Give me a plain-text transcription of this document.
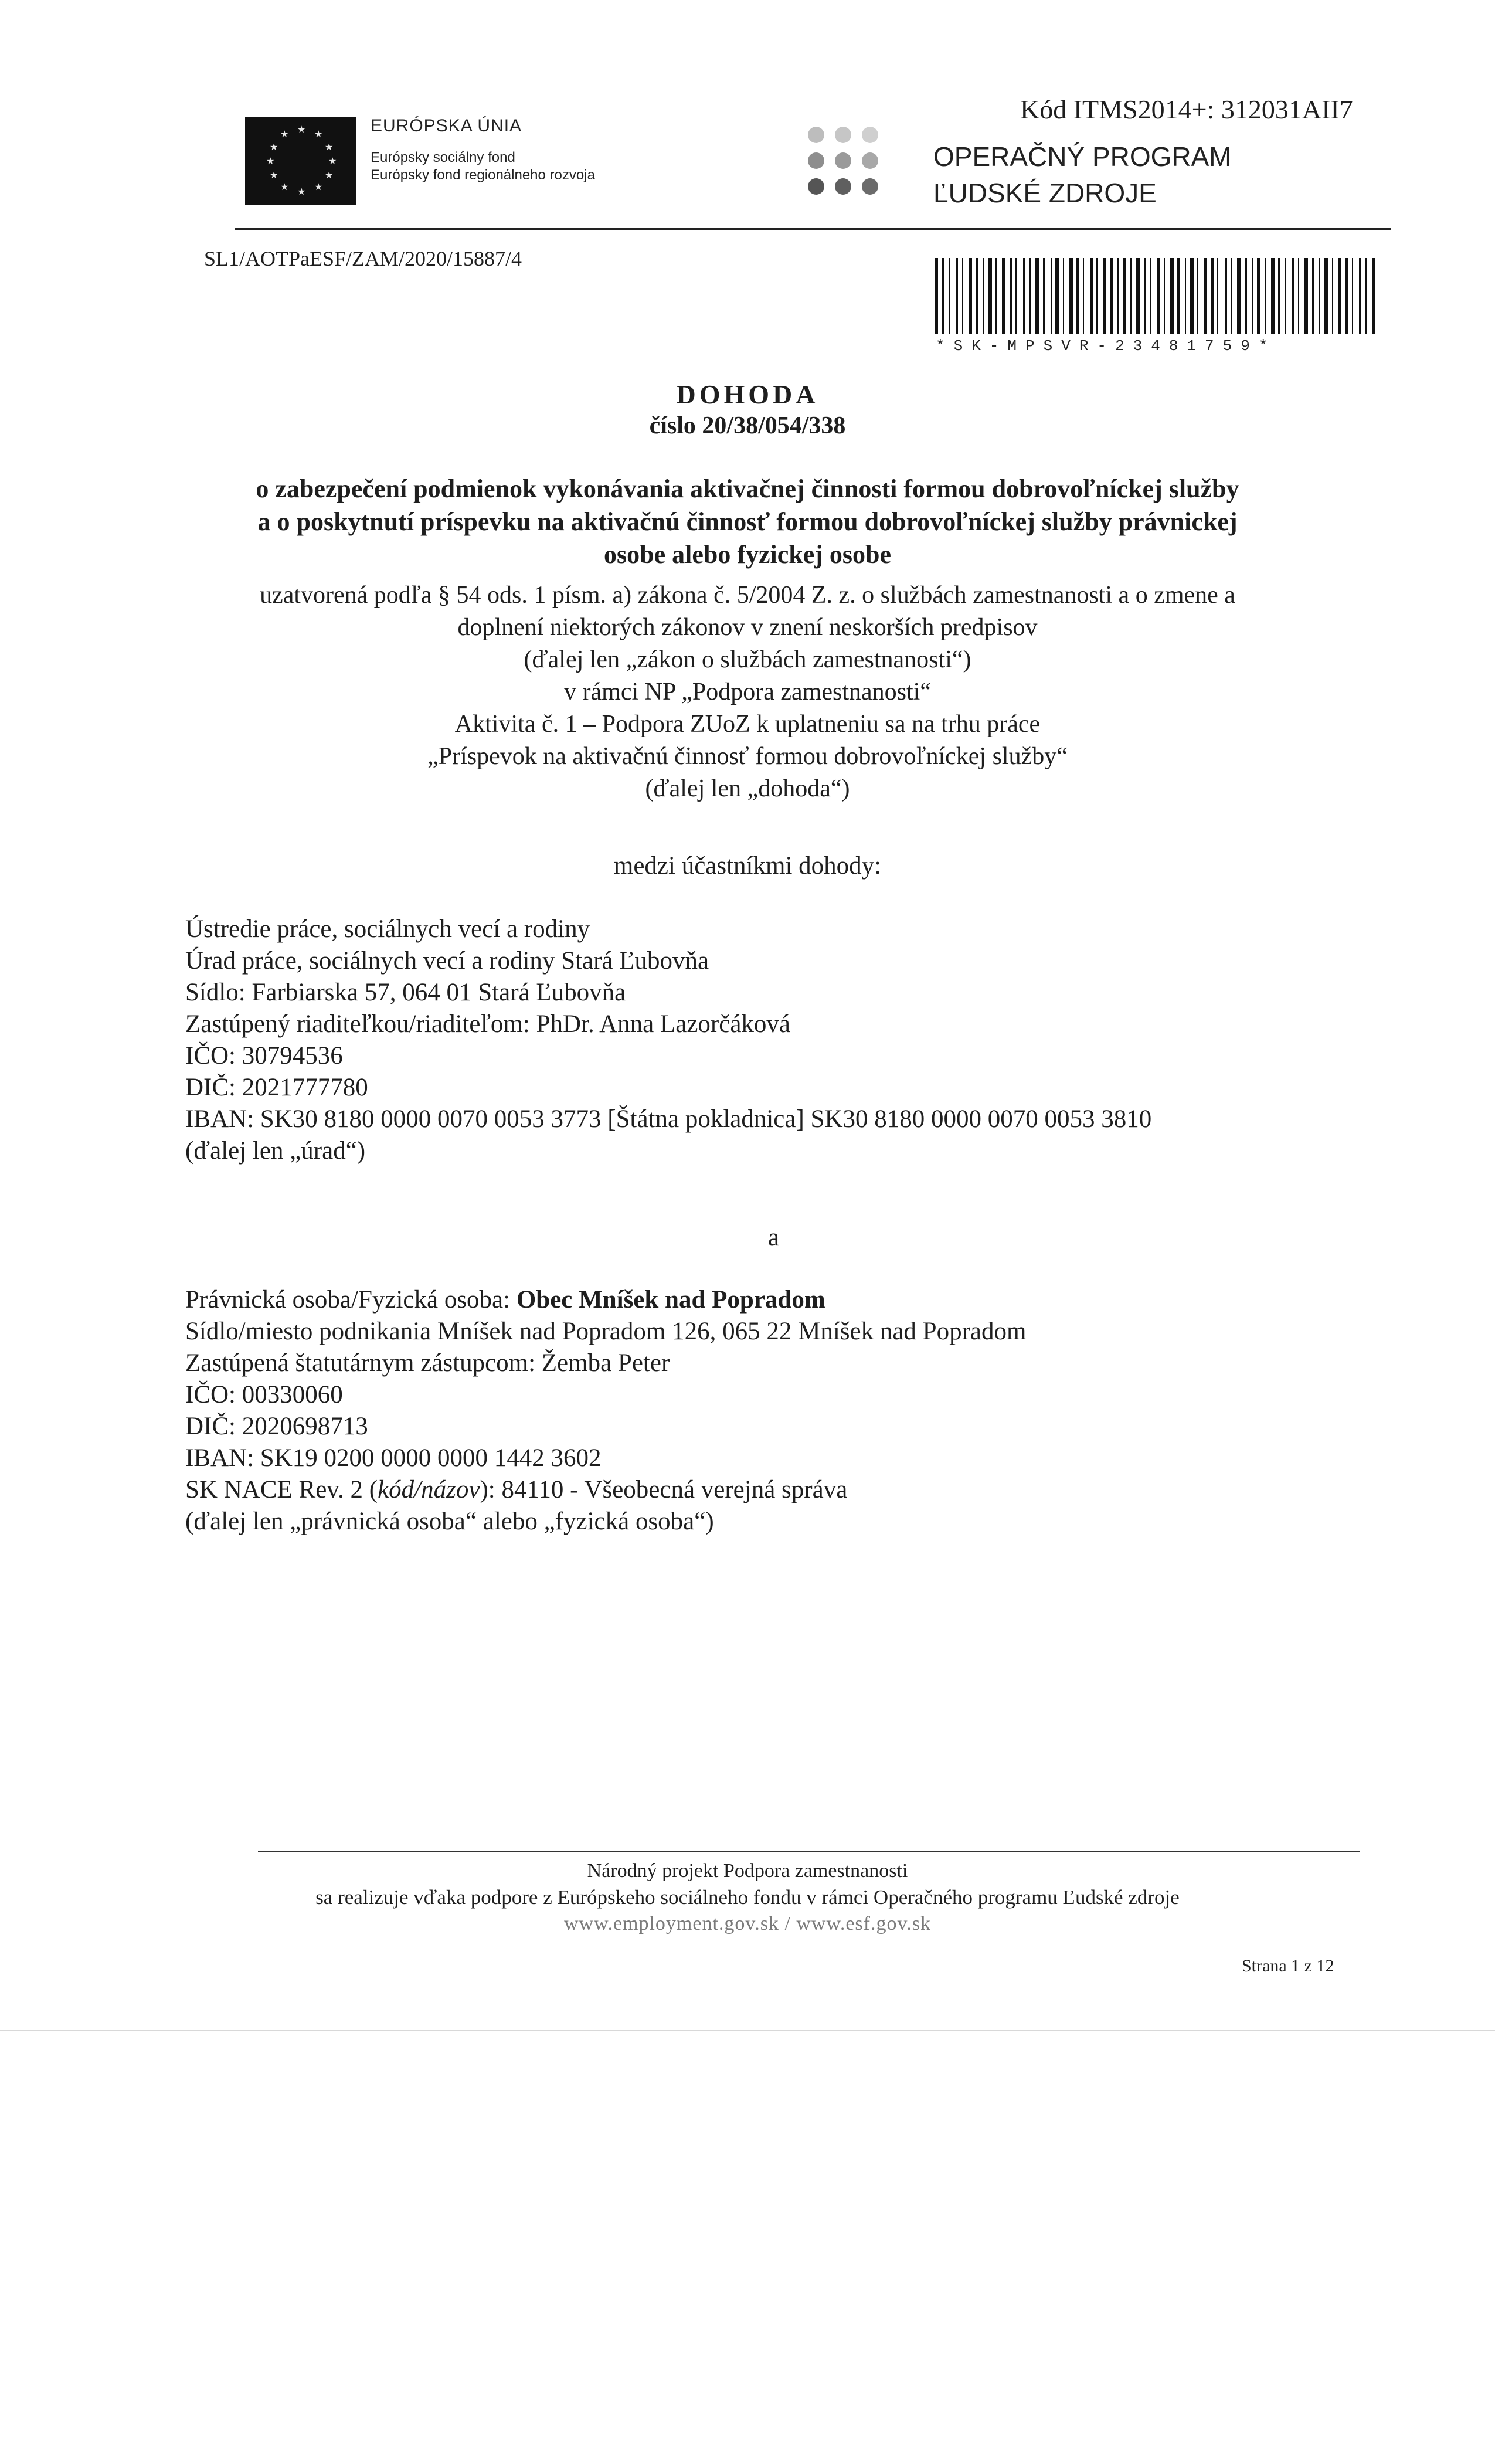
★ ★
★
★
★
★
★
★
★
★
★
★	EURÓPSKA ÚNIA
Európsky sociálny fond
Európsky fond regionálneho rozvoja
Kód ITMS2014+: 312031AII7
OPERAČNÝ PROGRAM
ĽUDSKÉ ZDROJE
SL1/AOTPaESF/ZAM/2020/15887/4
*SK-MPSVR-23481759*
DOHODA
číslo 20/38/054/338
o zabezpečení podmienok vykonávania aktivačnej činnosti formou dobrovoľníckej služby
a o poskytnutí príspevku na aktivačnú činnosť formou dobrovoľníckej služby právnickej
osobe alebo fyzickej osobe
uzatvorená podľa § 54 ods. 1 písm. a) zákona č. 5/2004 Z. z. o službách zamestnanosti a o zmene a
doplnení niektorých zákonov v znení neskorších predpisov
(ďalej len „zákon o službách zamestnanosti“)
v rámci NP „Podpora zamestnanosti“
Aktivita č. 1 – Podpora ZUoZ k uplatneniu sa na trhu práce
„Príspevok na aktivačnú činnosť formou dobrovoľníckej služby“
(ďalej len „dohoda“)
medzi účastníkmi dohody:
Ústredie práce, sociálnych vecí a rodiny
Úrad práce, sociálnych vecí a rodiny Stará Ľubovňa
Sídlo: Farbiarska 57, 064 01 Stará Ľubovňa
Zastúpený riaditeľkou/riaditeľom: PhDr. Anna Lazorčáková
IČO: 30794536
DIČ: 2021777780
IBAN: SK30 8180 0000 0070 0053 3773 [Štátna pokladnica] SK30 8180 0000 0070 0053 3810
(ďalej len „úrad“)
a
Právnická osoba/Fyzická osoba: Obec Mníšek nad Popradom
Sídlo/miesto podnikania Mníšek nad Popradom 126, 065 22 Mníšek nad Popradom
Zastúpená štatutárnym zástupcom: Žemba Peter
IČO: 00330060
DIČ: 2020698713
IBAN: SK19 0200 0000 0000 1442 3602
SK NACE Rev. 2 (kód/názov): 84110 - Všeobecná verejná správa
(ďalej len „právnická osoba“ alebo „fyzická osoba“)
Národný projekt Podpora zamestnanosti
sa realizuje vďaka podpore z Európskeho sociálneho fondu v rámci Operačného programu Ľudské zdroje
www.employment.gov.sk / www.esf.gov.sk
Strana 1 z 12
